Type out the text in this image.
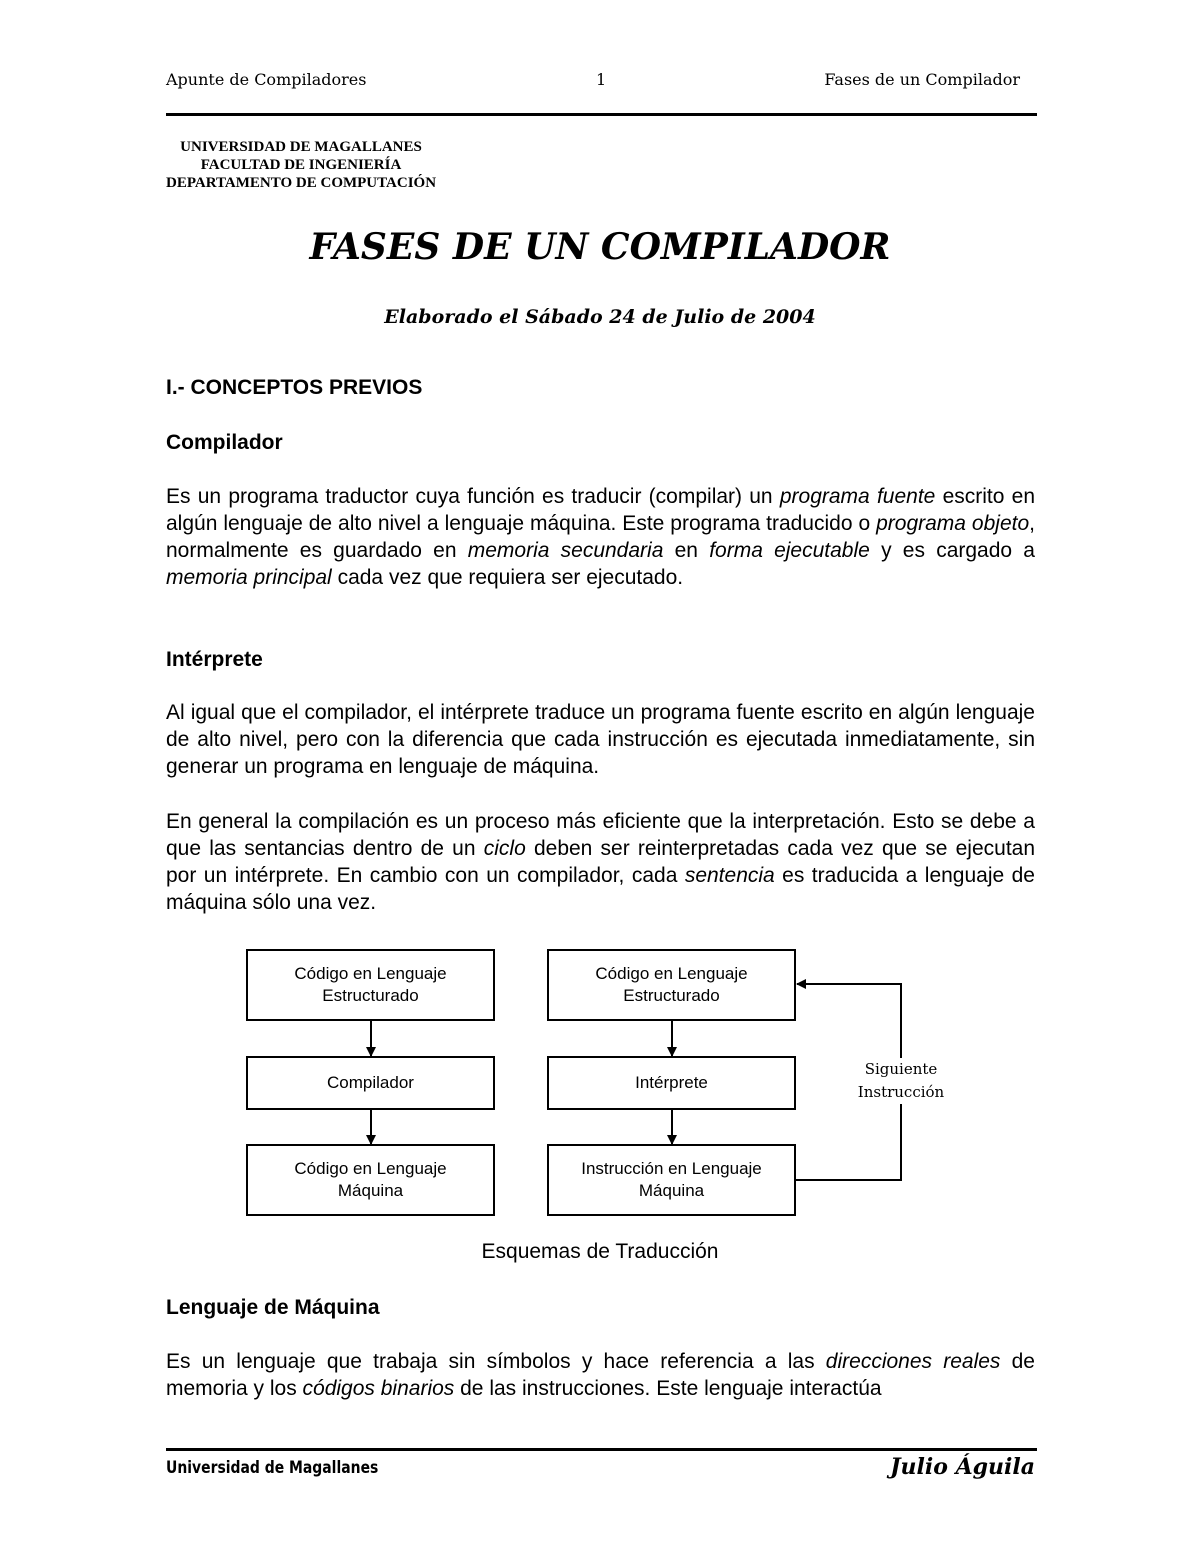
Apunte de Compiladores	1	Fases de un Compilador
UNIVERSIDAD DE MAGALLANES
FACULTAD DE INGENIERÍA
DEPARTAMENTO DE COMPUTACIÓN
FASES DE UN COMPILADOR
Elaborado el Sábado 24 de Julio de 2004
I.- CONCEPTOS PREVIOS
Compilador
Es un programa traductor cuya función es traducir (compilar) un programa fuente escrito en algún lenguaje de alto nivel a lenguaje máquina. Este programa traducido o programa objeto, normalmente es guardado en memoria secundaria en forma ejecutable y es cargado a memoria principal cada vez que requiera ser ejecutado.
Intérprete
Al igual que el compilador, el intérprete traduce un programa fuente escrito en algún lenguaje de alto nivel, pero con la diferencia que cada instrucción es ejecutada inmediatamente, sin generar un programa en lenguaje de máquina.
En general la compilación es un proceso más eficiente que la interpretación. Esto se debe a que las sentancias dentro de un ciclo deben ser reinterpretadas cada vez que se ejecutan por un intérprete. En cambio con un compilador, cada sentencia es traducida a lenguaje de máquina sólo una vez.
Código en Lenguaje
Estructurado
Compilador
Código en Lenguaje
Máquina
Código en Lenguaje
Estructurado
Intérprete
Instrucción en Lenguaje
Máquina
Siguiente
Instrucción
Esquemas de Traducción
Lenguaje de Máquina
Es un lenguaje que trabaja sin símbolos y hace referencia a las direcciones reales de memoria y los códigos binarios de las instrucciones. Este lenguaje interactúa
Universidad de Magallanes	Julio Águila
